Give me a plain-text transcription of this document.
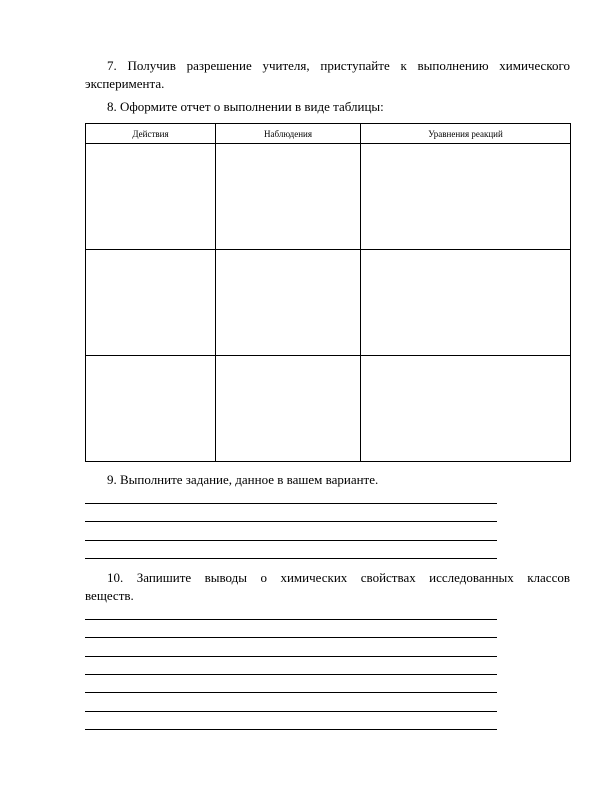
7. Получив разрешение учителя, приступайте к выполнению химического
эксперимента.
8. Оформите отчет о выполнении в виде таблицы:
Действия	Наблюдения	Уравнения реакций

9. Выполните задание, данное в вашем варианте.
10. Запишите выводы о химических свойствах исследованных классов
веществ.
